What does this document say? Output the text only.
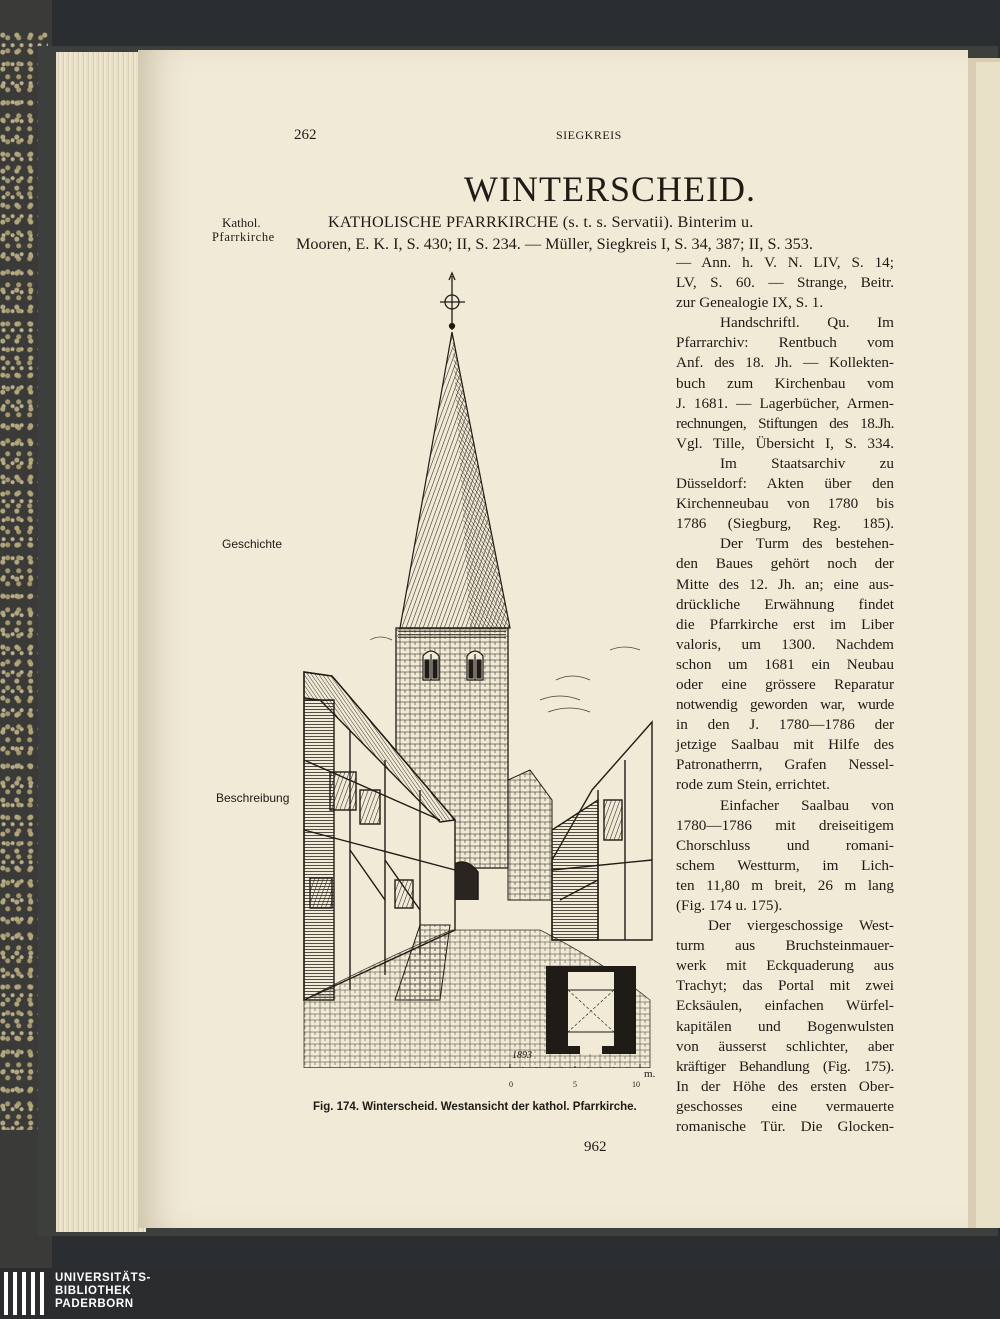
262	SIEGKREIS
WINTERSCHEID.
Kathol.
Pfarrkirche
Geschichte
Beschreibung
KATHOLISCHE PFARRKIRCHE (s. t. s. Servatii). Binterim u.
Mooren, E. K. I, S. 430; II, S. 234. — Müller, Siegkreis I, S. 34, 387; II, S. 353.
— Ann. h. V. N. LIV, S. 14;
LV, S. 60. — Strange, Beitr.
zur Genealogie IX, S. 1.
Handschriftl. Qu. Im
Pfarrarchiv: Rentbuch vom
Anf. des 18. Jh. — Kollekten-
buch zum Kirchenbau vom
J. 1681. — Lagerbücher, Armen-
rechnungen, Stiftungen des 18.Jh.
Vgl. Tille, Übersicht I, S. 334.
Im Staatsarchiv zu
Düsseldorf: Akten über den
Kirchenneubau von 1780 bis
1786 (Siegburg, Reg. 185).
Der Turm des bestehen-
den Baues gehört noch der
Mitte des 12. Jh. an; eine aus-
drückliche Erwähnung findet
die Pfarrkirche erst im Liber
valoris, um 1300. Nachdem
schon um 1681 ein Neubau
oder eine grössere Reparatur
notwendig geworden war, wurde
in den J. 1780—1786 der
jetzige Saalbau mit Hilfe des
Patronatherrn, Grafen Nessel-
rode zum Stein, errichtet.
Einfacher Saalbau von
1780—1786 mit dreiseitigem
Chorschluss und romani-
schem Westturm, im Lich-
ten 11,80 m breit, 26 m lang
(Fig. 174 u. 175).
Der viergeschossige West-
turm aus Bruchsteinmauer-
werk mit Eckquaderung aus
Trachyt; das Portal mit zwei
Ecksäulen, einfachen Würfel-
kapitälen und Bogenwulsten
von äusserst schlichter, aber
kräftiger Behandlung (Fig. 175).
In der Höhe des ersten Ober-
geschosses eine vermauerte
romanische Tür. Die Glocken-
1893
0	5	10
m.
Fig. 174. Winterscheid. Westansicht der kathol. Pfarrkirche.
962
UNIVERSITÄTS-
BIBLIOTHEK
PADERBORN
